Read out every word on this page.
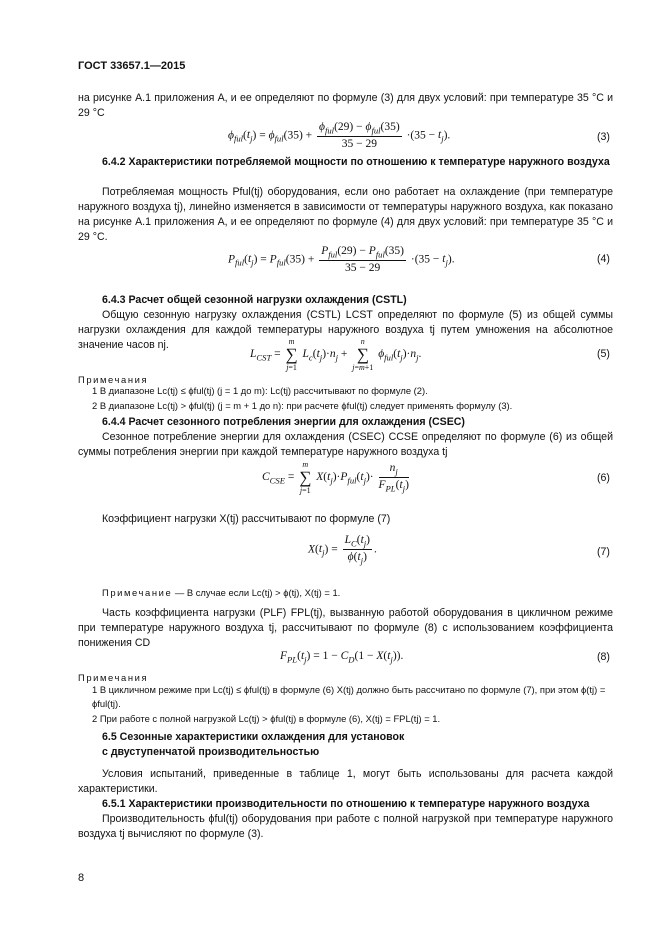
ГОСТ 33657.1—2015
на рисунке А.1 приложения А, и ее определяют по формуле (3) для двух условий: при температуре 35 °С и 29 °С
$\phi_{ful}(t_j) = \phi_{ful}(35) + \frac{\phi_{ful}(29) - \phi_{ful}(35)}{35 - 29} \cdot(35 - t_j)$.	(3)
6.4.2 Характеристики потребляемой мощности по отношению к температуре наружного воздуха
Потребляемая мощность Pful(tj) оборудования, если оно работает на охлаждение (при температуре наружного воздуха tj), линейно изменяется в зависимости от температуры наружного воздуха, как показано на рисунке А.1 приложения А, и ее определяют по формуле (4) для двух условий: при температуре 35 °С и 29 °С.
$P_{ful}(t_j) = P_{ful}(35) + \frac{P_{ful}(29) - P_{ful}(35)}{35 - 29} \cdot(35 - t_j)$.	(4)
6.4.3 Расчет общей сезонной нагрузки охлаждения (CSTL)
Общую сезонную нагрузку охлаждения (CSTL) LCST определяют по формуле (5) из общей суммы нагрузки охлаждения для каждой температуры наружного воздуха tj путем умножения на абсолютное значение часов nj.
$L_{CST} = m$
∑
j=1 $L_c(t_j)\cdot n_j + n$
∑
j=m+1 $\phi_{ful}(t_j)\cdot n_j$.	(5)
Примечания
1 В диапазоне Lc(tj) ≤ ϕful(tj) (j = 1 до m): Lc(tj) рассчитывают по формуле (2).
2 В диапазоне Lc(tj) > ϕful(tj) (j = m + 1 до n): при расчете ϕful(tj) следует применять формулу (3).
6.4.4 Расчет сезонного потребления энергии для охлаждения (CSEC)
Сезонное потребление энергии для охлаждения (CSEC) CCSE определяют по формуле (6) из общей суммы потребления энергии при каждой температуре наружного воздуха tj
$C_{CSE} = m$
∑
j=1 $X(t_j)\cdot P_{ful}(t_j)\cdot \frac{n_j}{F_{PL}(t_j)}$	(6)
Коэффициент нагрузки X(tj) рассчитывают по формуле (7)
$X(t_j) = \frac{L_C(t_j)}{\phi(t_j)}$ .	(7)
Примечание — В случае если Lc(tj) > ϕ(tj), X(tj) = 1.
Часть коэффициента нагрузки (PLF) FPL(tj), вызванную работой оборудования в цикличном режиме при температуре наружного воздуха tj, рассчитывают по формуле (8) с использованием коэффициента понижения CD
$F_{PL}(t_j) = 1 - C_D(1 - X(t_j))$.	(8)
Примечания
1 В цикличном режиме при Lc(tj) ≤ ϕful(tj) в формуле (6) X(tj) должно быть рассчитано по формуле (7), при этом ϕ(tj) = ϕful(tj).
2 При работе с полной нагрузкой Lc(tj) > ϕful(tj) в формуле (6), X(tj) = FPL(tj) = 1.
6.5 Сезонные характеристики охлаждения для установок
с двуступенчатой производительностью
Условия испытаний, приведенные в таблице 1, могут быть использованы для расчета каждой характеристики.
6.5.1 Характеристики производительности по отношению к температуре наружного воздуха
Производительность ϕful(tj) оборудования при работе с полной нагрузкой при температуре наружного воздуха tj вычисляют по формуле (3).
8
